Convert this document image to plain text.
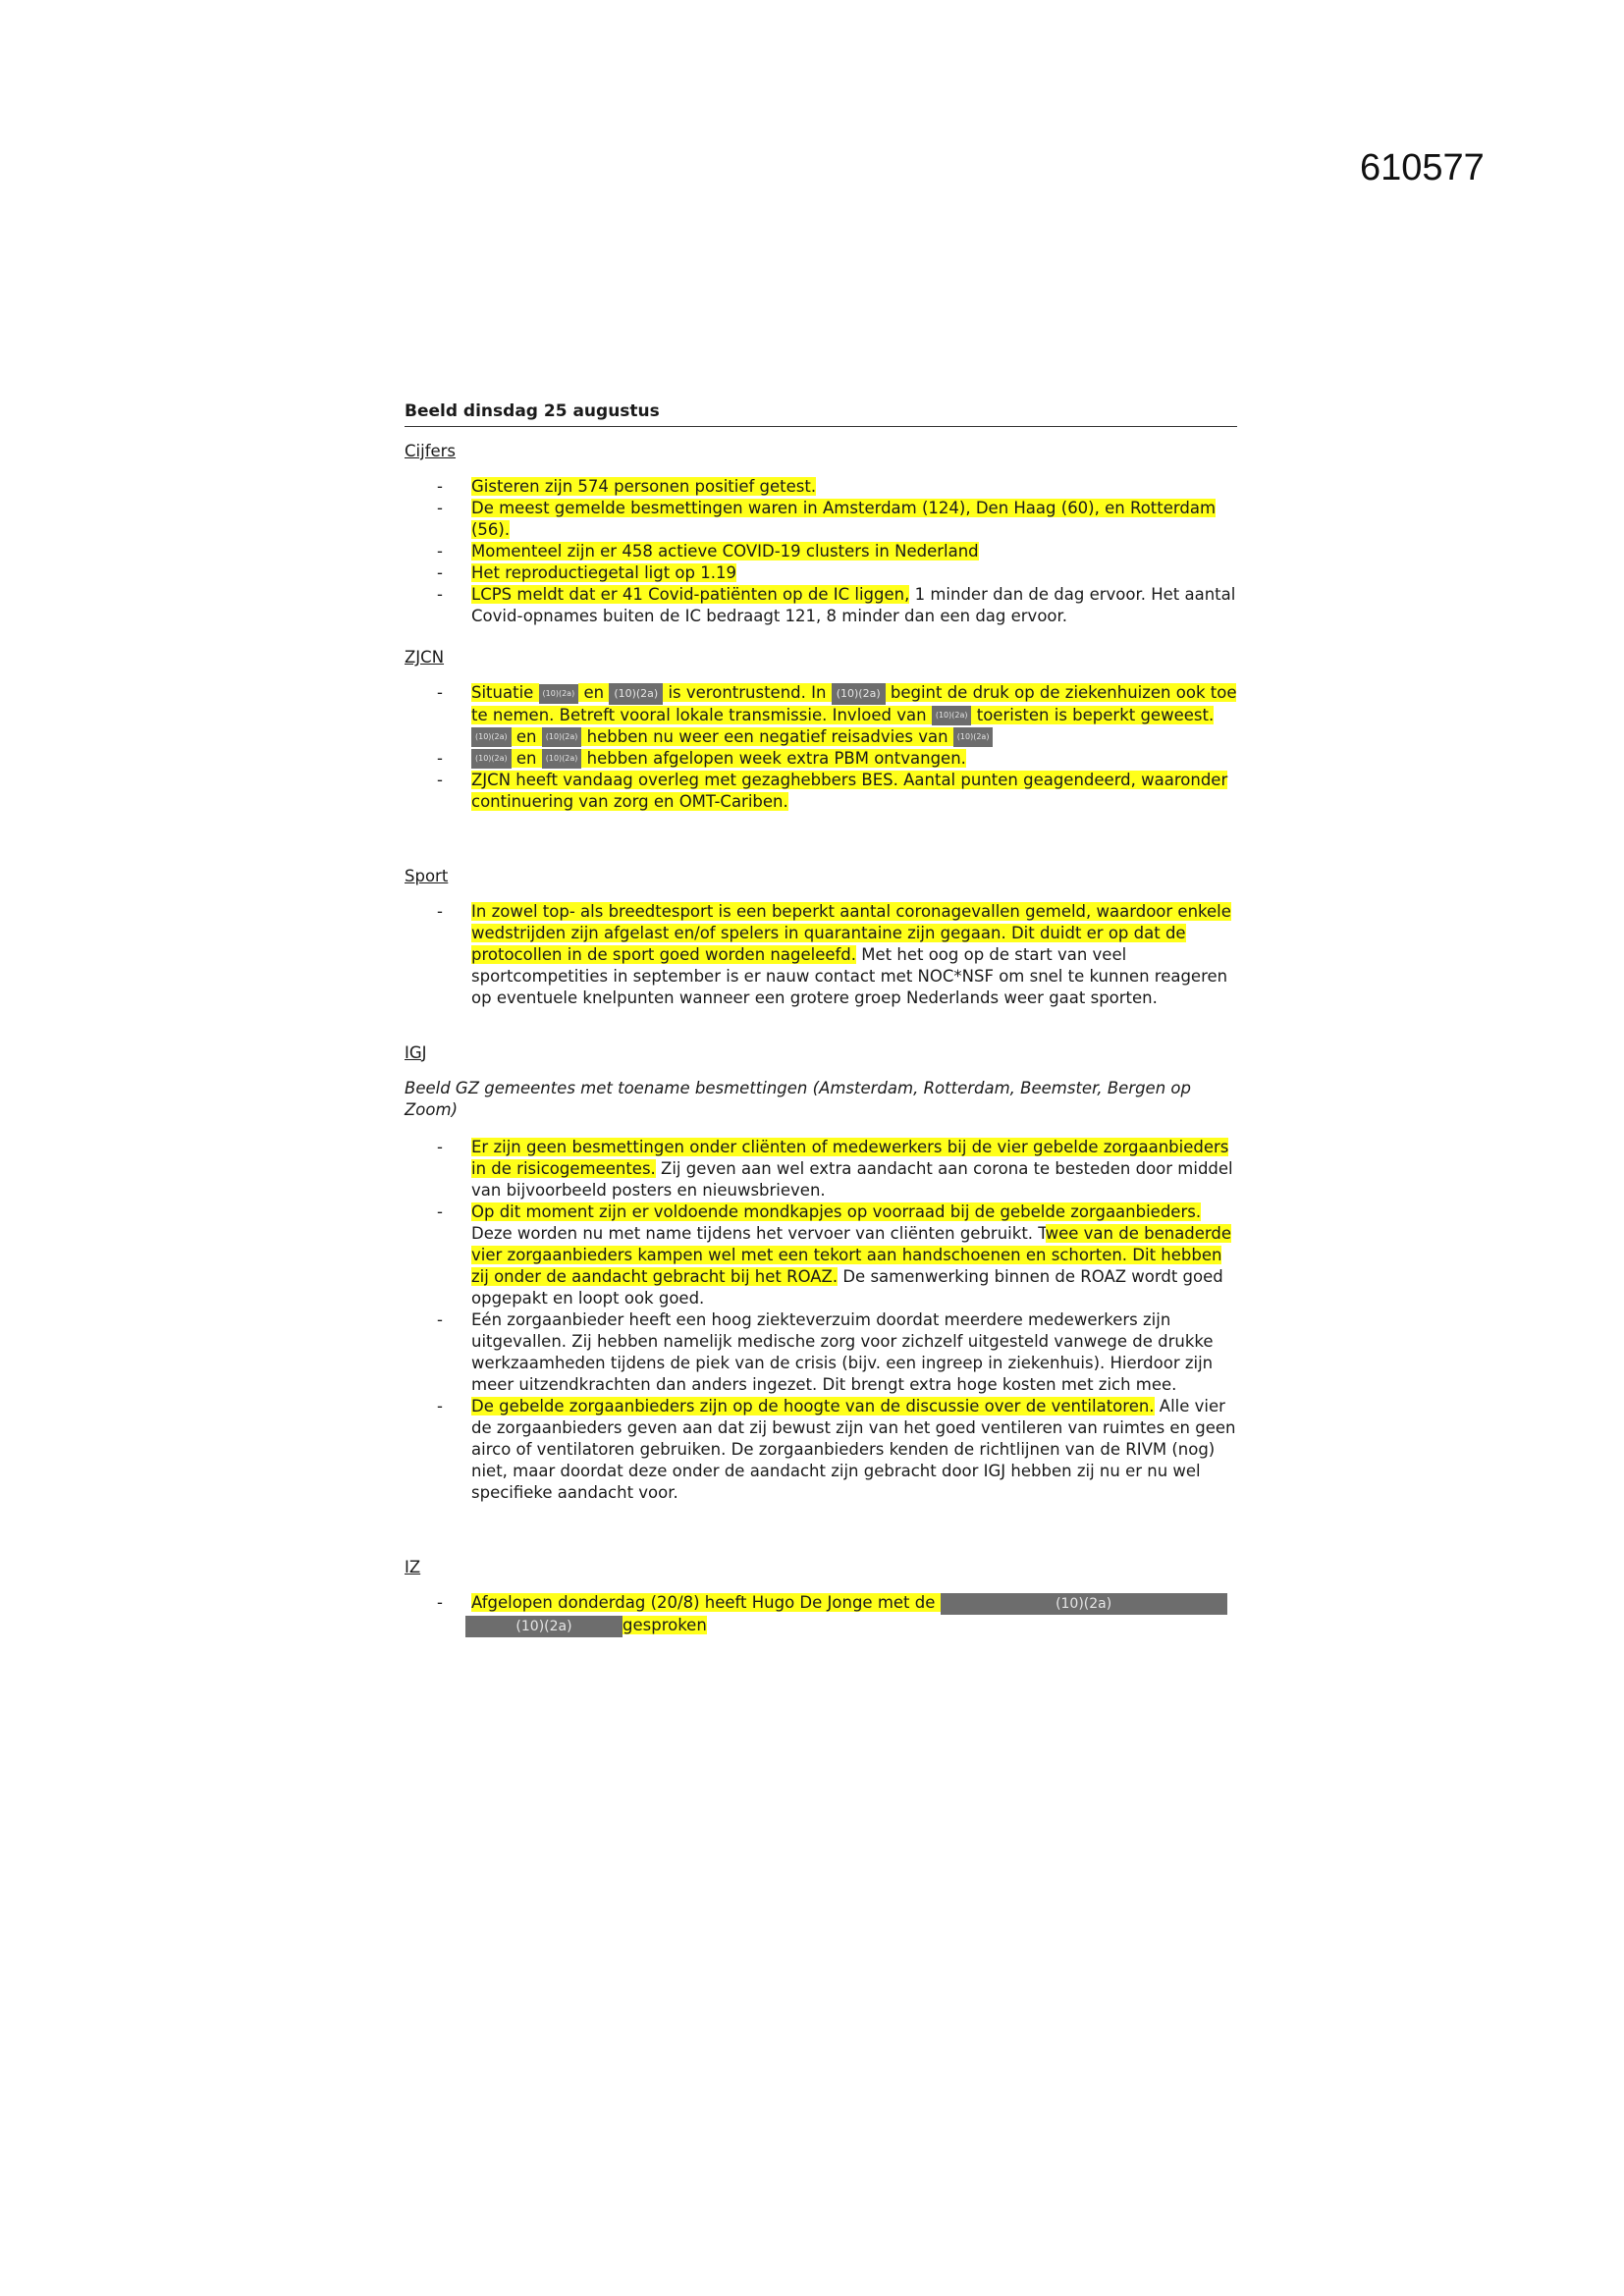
610577
Beeld dinsdag 25 augustus
Cijfers
- Gisteren zijn 574 personen positief getest.
- De meest gemelde besmettingen waren in Amsterdam (124), Den Haag (60), en Rotterdam (56).
- Momenteel zijn er 458 actieve COVID-19 clusters in Nederland
- Het reproductiegetal ligt op 1.19
- LCPS meldt dat er 41 Covid-patiënten op de IC liggen, 1 minder dan de dag ervoor. Het aantal Covid-opnames buiten de IC bedraagt 121, 8 minder dan een dag ervoor.
ZJCN
- Situatie (10)(2a) en (10)(2a) is verontrustend. In (10)(2a) begint de druk op de ziekenhuizen ook toe te nemen. Betreft vooral lokale transmissie. Invloed van (10)(2a) toeristen is beperkt geweest.
(10)(2a) en (10)(2a) hebben nu weer een negatief reisadvies van (10)(2a)
- (10)(2a) en (10)(2a) hebben afgelopen week extra PBM ontvangen.
- ZJCN heeft vandaag overleg met gezaghebbers BES. Aantal punten geagendeerd, waaronder continuering van zorg en OMT-Cariben.
Sport
- In zowel top- als breedtesport is een beperkt aantal coronagevallen gemeld, waardoor enkele wedstrijden zijn afgelast en/of spelers in quarantaine zijn gegaan. Dit duidt er op dat de protocollen in de sport goed worden nageleefd. Met het oog op de start van veel sportcompetities in september is er nauw contact met NOC*NSF om snel te kunnen reageren op eventuele knelpunten wanneer een grotere groep Nederlands weer gaat sporten.
IGJ
Beeld GZ gemeentes met toename besmettingen (Amsterdam, Rotterdam, Beemster, Bergen op Zoom)
- Er zijn geen besmettingen onder cliënten of medewerkers bij de vier gebelde zorgaanbieders in de risicogemeentes. Zij geven aan wel extra aandacht aan corona te besteden door middel van bijvoorbeeld posters en nieuwsbrieven.
- Op dit moment zijn er voldoende mondkapjes op voorraad bij de gebelde zorgaanbieders. Deze worden nu met name tijdens het vervoer van cliënten gebruikt. Twee van de benaderde vier zorgaanbieders kampen wel met een tekort aan handschoenen en schorten. Dit hebben zij onder de aandacht gebracht bij het ROAZ. De samenwerking binnen de ROAZ wordt goed opgepakt en loopt ook goed.
- Eén zorgaanbieder heeft een hoog ziekteverzuim doordat meerdere medewerkers zijn uitgevallen. Zij hebben namelijk medische zorg voor zichzelf uitgesteld vanwege de drukke werkzaamheden tijdens de piek van de crisis (bijv. een ingreep in ziekenhuis). Hierdoor zijn meer uitzendkrachten dan anders ingezet. Dit brengt extra hoge kosten met zich mee.
- De gebelde zorgaanbieders zijn op de hoogte van de discussie over de ventilatoren. Alle vier de zorgaanbieders geven aan dat zij bewust zijn van het goed ventileren van ruimtes en geen airco of ventilatoren gebruiken. De zorgaanbieders kenden de richtlijnen van de RIVM (nog) niet, maar doordat deze onder de aandacht zijn gebracht door IGJ hebben zij nu er nu wel specifieke aandacht voor.
IZ
- Afgelopen donderdag (20/8) heeft Hugo De Jonge met de	(10)(2a)
(10)(2a)	gesproken
